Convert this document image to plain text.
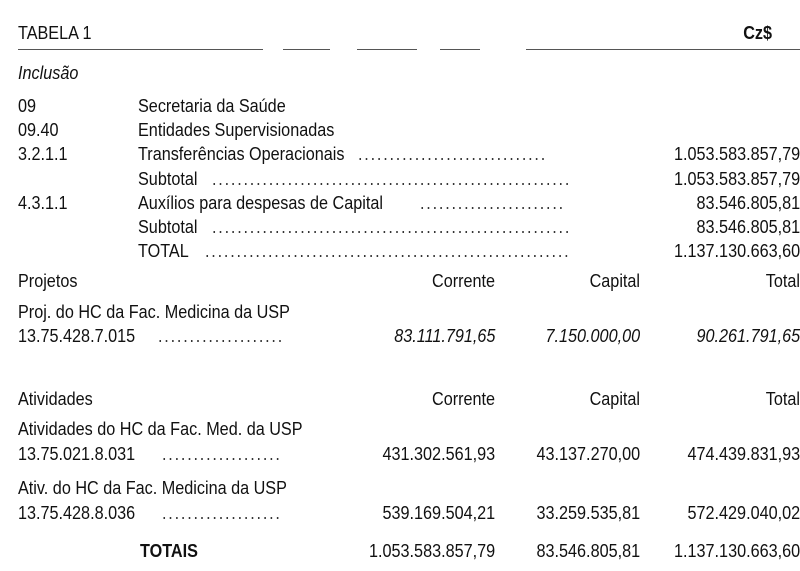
TABELA 1	Cz$
Inclusão
09	Secretaria da Saúde
09.40	Entidades Supervisionadas
3.2.1.1	Transferências Operacionais ..............................	1.053.583.857,79
Subtotal .........................................................	1.053.583.857,79
4.3.1.1	Auxílios para despesas de Capital .......................	83.546.805,81
Subtotal .........................................................	83.546.805,81
TOTAL ..........................................................	1.137.130.663,60
Projetos	Corrente	Capital	Total
Proj. do HC da Fac. Medicina da USP
13.75.428.7.015 ....................	83.111.791,65	7.150.000,00	90.261.791,65
Atividades	Corrente	Capital	Total
Atividades do HC da Fac. Med. da USP
13.75.021.8.031 ...................	431.302.561,93 43.137.270,00	474.439.831,93
Ativ. do HC da Fac. Medicina da USP
13.75.428.8.036 ...................	539.169.504,21 33.259.535,81	572.429.040,02
TOTAIS	1.053.583.857,79 83.546.805,81 1.137.130.663,60
